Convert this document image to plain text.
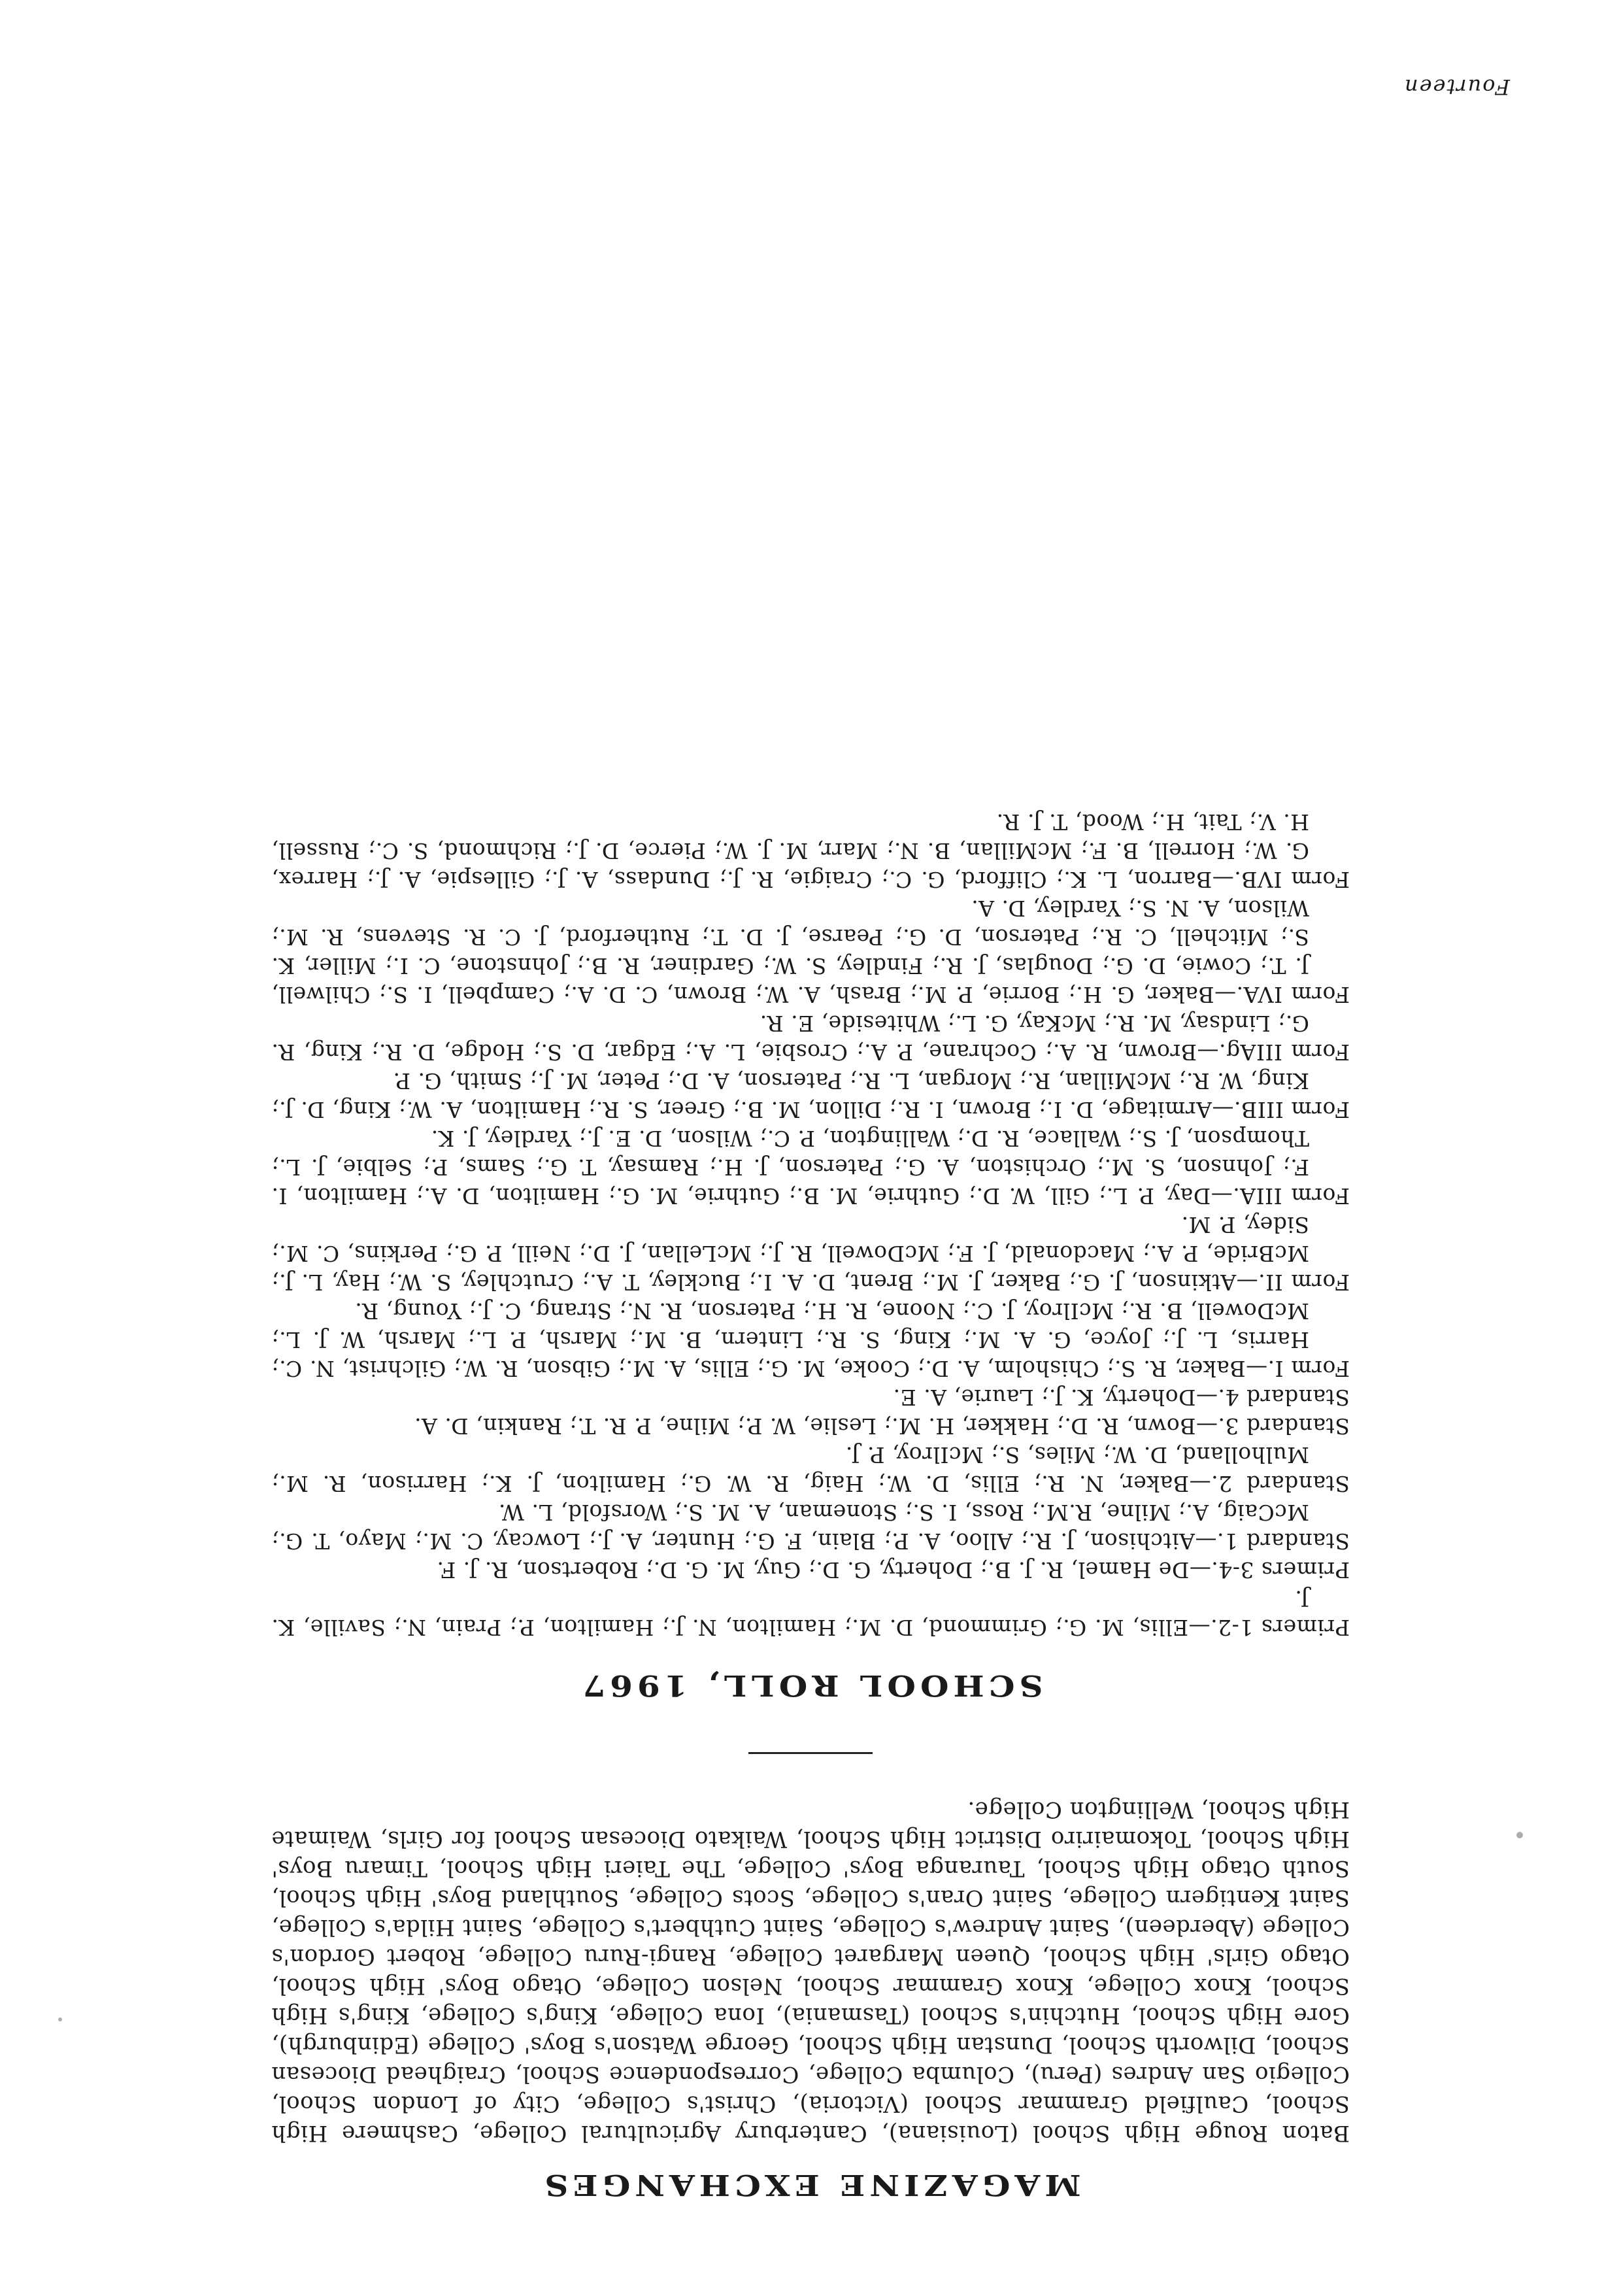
MAGAZINE EXCHANGES

Baton Rouge High School (Louisiana), Canterbury Agricultural College, Cashmere High School, Caulfield Grammar School (Victoria), Christ's College, City of London School, Collegio San Andres (Peru), Columba College, Correspondence School, Craighead Diocesan School, Dilworth School, Dunstan High School, George Watson's Boys' College (Edinburgh), Gore High School, Hutchin's School (Tasmania), Iona College, King's College, King's High School, Knox College, Knox Grammar School, Nelson College, Otago Boys' High School, Otago Girls' High School, Queen Margaret College, Rangi-Ruru College, Robert Gordon's College (Aberdeen), Saint Andrew's College, Saint Cuthbert's College, Saint Hilda's College, Saint Kentigern College, Saint Oran's College, Scots College, Southland Boys' High School, South Otago High School, Tauranga Boys' College, The Taieri High School, Timaru Boys' High School, Tokomairiro District High School, Waikato Diocesan School for Girls, Waimate High School, Wellington College.

SCHOOL ROLL, 1967

Primers 1-2.—Ellis, M. G.; Grimmond, D. M.; Hamilton, N. J.; Hamilton, P.; Prain, N.; Saville, K. J.

Primers 3-4.—De Hamel, R. J. B.; Doherty, G. D.; Guy, M. G. D.; Robertson, R. J. F.

Standard 1.—Aitchison, J. R.; Alloo, A. P.; Blain, F. G.; Hunter, A. J.; Lowcay, C. M.; Mayo, T. G.; McCaig, A.; Milne, R.M.; Ross, I. S.; Stoneman, A. M. S.; Worsfold, L. W.

Standard 2.—Baker, N. R.; Ellis, D. W.; Haig, R. W. G.; Hamilton, J. K.; Harrison, R. M.; Mulholland, D. W.; Miles, S.; McIlroy, P. J.

Standard 3.—Bown, R. D.; Hakker, H. M.; Leslie, W. P.; Milne, P. R. T.; Rankin, D. A.

Standard 4.—Doherty, K. J.; Laurie, A. E.

Form I.—Baker, R. S.; Chisholm, A. D.; Cooke, M. G.; Ellis, A. M.; Gibson, R. W.; Gilchrist, N. C.; Harris, L. J.; Joyce, G. A. M.; King, S. R.; Lintern, B. M.; Marsh, P. L.; Marsh, W. J. L.; McDowell, B. R.; McIlroy, J. C.; Noone, R. H.; Paterson, R. N.; Strang, C. J.; Young, R.

Form II.—Atkinson, J. G.; Baker, J. M.; Brent, D. A. I.; Buckley, T. A.; Crutchley, S. W.; Hay, L. J.; McBride, P. A.; Macdonald, J. F.; McDowell, R. J.; McLellan, J. D.; Neill, P. G.; Perkins, C. M.; Sidey, P. M.

Form IIIA.—Day, P. L.; Gill, W. D.; Guthrie, M. B.; Guthrie, M. G.; Hamilton, D. A.; Hamilton, I. F.; Johnson, S. M.; Orchiston, A. G.; Paterson, J. H.; Ramsay, T. G.; Sams, P.; Selbie, J. L.; Thompson, J. S.; Wallace, R. D.; Wallington, P. C.; Wilson, D. E. J.; Yardley, J. K.

Form IIIB.—Armitage, D. I.; Brown, I. R.; Dillon, M. B.; Greer, S. R.; Hamilton, A. W.; King, D. J.; King, W. R.; McMillan, R.; Morgan, L. R.; Paterson, A. D.; Peter, M. J.; Smith, G. P.

Form IIIAg.—Brown, R. A.; Cochrane, P. A.; Crosbie, L. A.; Edgar, D. S.; Hodge, D. R.; King, R. G.; Lindsay, M. R.; McKay, G. L.; Whiteside, E. R.

Form IVA.—Baker, G. H.; Borrie, P. M.; Brash, A. W.; Brown, C. D. A.; Campbell, I. S.; Chilwell, J. T.; Cowie, D. G.; Douglas, J. R.; Findley, S. W.; Gardiner, R. B.; Johnstone, C. I.; Miller, K. S.; Mitchell, C. R.; Paterson, D. G.; Pearse, J. D. T.; Rutherford, J. C. R. Stevens, R. M.; Wilson, A. N. S.; Yardley, D. A.

Form IVB.—Barron, L. K.; Clifford, G. C.; Craigie, R. J.; Dundass, A. J.; Gillespie, A. J.; Harrex, G. W.; Horrell, B. F.; McMillan, B. N.; Marr, M. J. W.; Pierce, D. J.; Richmond, S. C.; Russell, H. V.; Tait, H.; Wood, T. J. R.

Fourteen
